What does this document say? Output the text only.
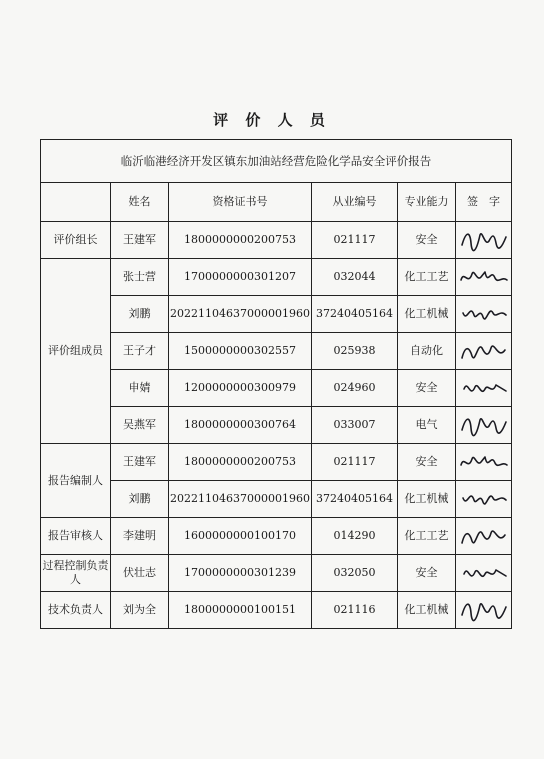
评 价 人 员
临沂临港经济开发区镇东加油站经营危险化学品安全评价报告					
	姓名	资格证书号	从业编号	专业能力	签　字
评价组长	王建军	1800000000200753	021117	安全	

评价组成员	张士营	1700000000301207	032044	化工工艺	

	刘鹏	20221104637000001960	37240405164	化工机械	

	王子才	1500000000302557	025938	自动化	

	申婧	1200000000300979	024960	安全	

	吴燕军	1800000000300764	033007	电气	

报告编制人	王建军	1800000000200753	021117	安全	

	刘鹏	20221104637000001960	37240405164	化工机械	

报告审核人	李建明	1600000000100170	014290	化工工艺	

过程控制负责人	伏壮志	1700000000301239	032050	安全	

技术负责人	刘为全	1800000000100151	021116	化工机械	
